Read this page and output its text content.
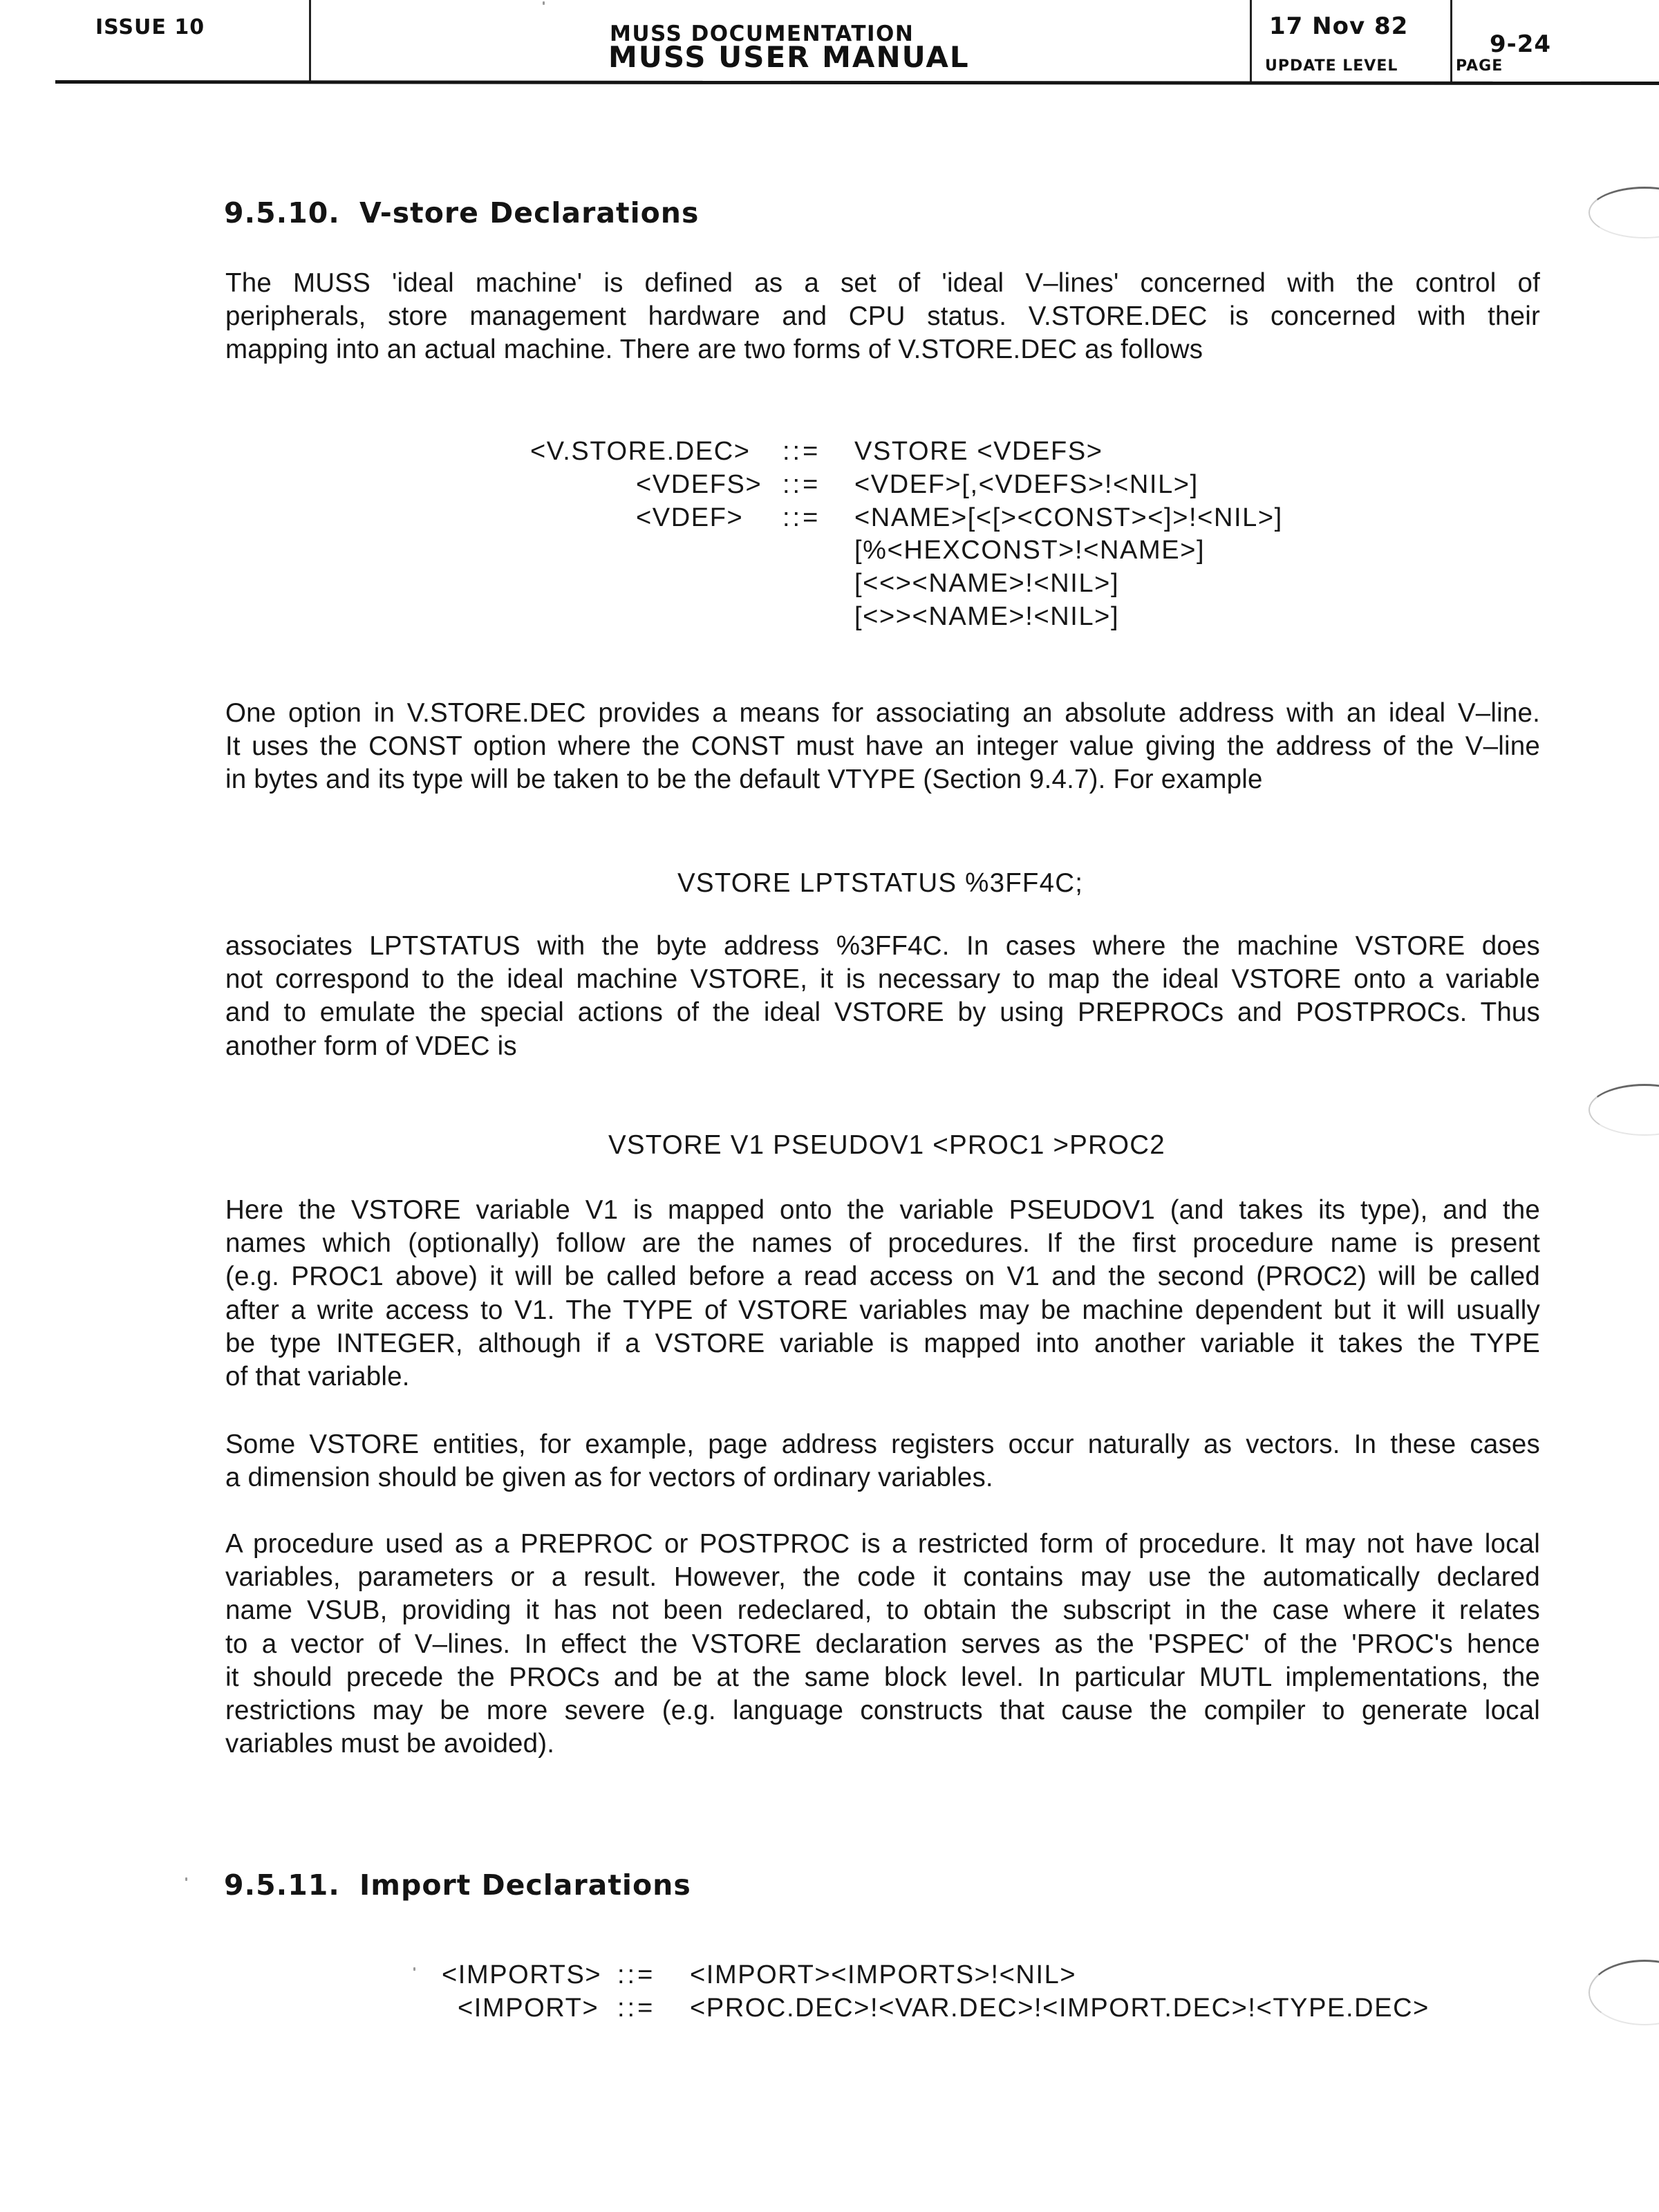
ISSUE 10	MUSS DOCUMENTATION
MUSS USER MANUAL
17 Nov 82
UPDATE LEVEL
9-24
PAGE
9.5.10. V-store Declarations
The MUSS 'ideal machine' is defined as a set of 'ideal V–lines' concerned with the control of
peripherals, store management hardware and CPU status. V.STORE.DEC is concerned with their
mapping into an actual machine. There are two forms of V.STORE.DEC as follows
<V.STORE.DEC> ::= VSTORE <VDEFS>
<VDEFS> ::= <VDEF>[,<VDEFS>!<NIL>]
<VDEF> ::= <NAME>[<[><CONST><]>!<NIL>]
[%<HEXCONST>!<NAME>]
[<<><NAME>!<NIL>]
[<>><NAME>!<NIL>]
One option in V.STORE.DEC provides a means for associating an absolute address with an ideal V–line.
It uses the CONST option where the CONST must have an integer value giving the address of the V–line
in bytes and its type will be taken to be the default VTYPE (Section 9.4.7). For example
VSTORE LPTSTATUS %3FF4C;
associates LPTSTATUS with the byte address %3FF4C. In cases where the machine VSTORE does
not correspond to the ideal machine VSTORE, it is necessary to map the ideal VSTORE onto a variable
and to emulate the special actions of the ideal VSTORE by using PREPROCs and POSTPROCs. Thus
another form of VDEC is
VSTORE V1 PSEUDOV1 <PROC1 >PROC2
Here the VSTORE variable V1 is mapped onto the variable PSEUDOV1 (and takes its type), and the
names which (optionally) follow are the names of procedures. If the first procedure name is present
(e.g. PROC1 above) it will be called before a read access on V1 and the second (PROC2) will be called
after a write access to V1. The TYPE of VSTORE variables may be machine dependent but it will usually
be type INTEGER, although if a VSTORE variable is mapped into another variable it takes the TYPE
of that variable.
Some VSTORE entities, for example, page address registers occur naturally as vectors. In these cases
a dimension should be given as for vectors of ordinary variables.
A procedure used as a PREPROC or POSTPROC is a restricted form of procedure. It may not have local
variables, parameters or a result. However, the code it contains may use the automatically declared
name VSUB, providing it has not been redeclared, to obtain the subscript in the case where it relates
to a vector of V–lines. In effect the VSTORE declaration serves as the 'PSPEC' of the 'PROC's hence
it should precede the PROCs and be at the same block level. In particular MUTL implementations, the
restrictions may be more severe (e.g. language constructs that cause the compiler to generate local
variables must be avoided).
9.5.11. Import Declarations
<IMPORTS> ::= <IMPORT><IMPORTS>!<NIL>
<IMPORT> ::= <PROC.DEC>!<VAR.DEC>!<IMPORT.DEC>!<TYPE.DEC>
